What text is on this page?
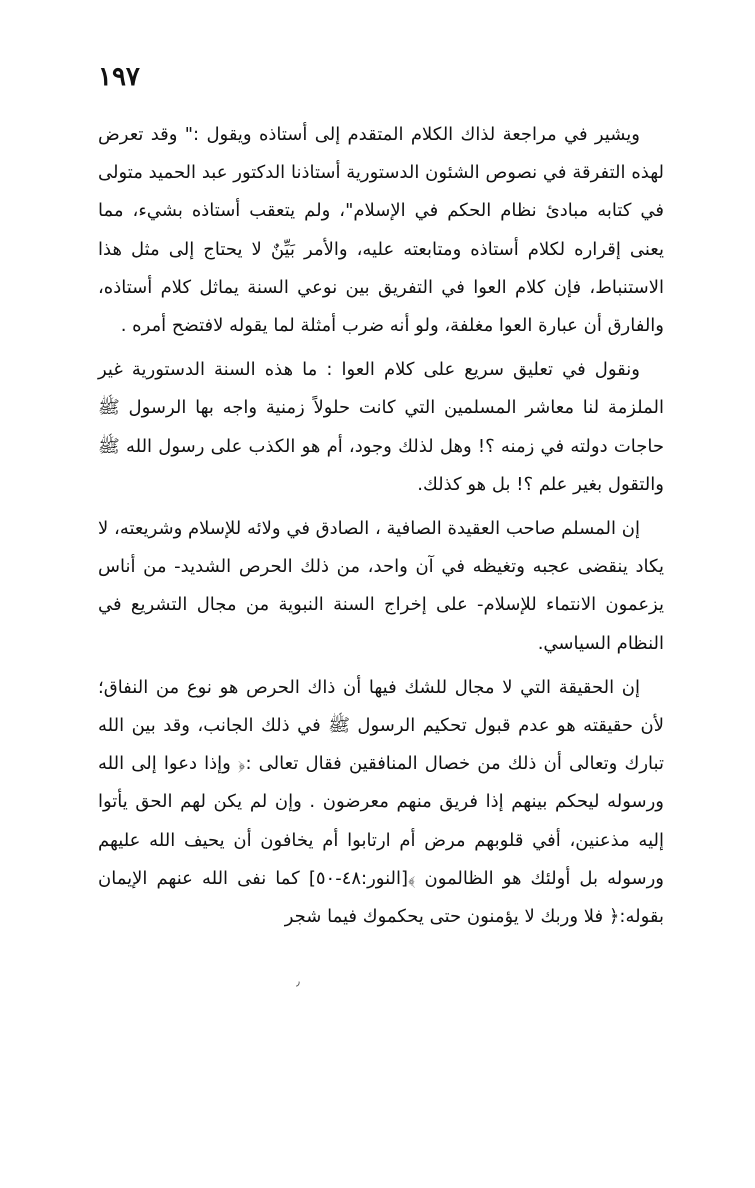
١٩٧

ويشير في مراجعة لذاك الكلام المتقدم إلى أستاذه ويقول :" وقد تعرض لهذه التفرقة في نصوص الشئون الدستورية أستاذنا الدكتور عبد الحميد متولى في كتابه مبادئ نظام الحكم في الإسلام"، ولم يتعقب أستاذه بشيء، مما يعنى إقراره لكلام أستاذه ومتابعته عليه، والأمر بَيِّنٌ لا يحتاج إلى مثل هذا الاستنباط، فإن كلام العوا في التفريق بين نوعي السنة يماثل كلام أستاذه، والفارق أن عبارة العوا مغلفة، ولو أنه ضرب أمثلة لما يقوله لافتضح أمره .

ونقول في تعليق سريع على كلام العوا : ما هذه السنة الدستورية غير الملزمة لنا معاشر المسلمين التي كانت حلولاً زمنية واجه بها الرسول ﷺ حاجات دولته في زمنه ؟! وهل لذلك وجود، أم هو الكذب على رسول الله ﷺ والتقول بغير علم ؟! بل هو كذلك.

إن المسلم صاحب العقيدة الصافية ، الصادق في ولائه للإسلام وشريعته، لا يكاد ينقضى عجبه وتغيظه في آن واحد، من ذلك الحرص الشديد- من أناس يزعمون الانتماء للإسلام- على إخراج السنة النبوية من مجال التشريع في النظام السياسي.

إن الحقيقة التي لا مجال للشك فيها أن ذاك الحرص هو نوع من النفاق؛ لأن حقيقته هو عدم قبول تحكيم الرسول ﷺ في ذلك الجانب، وقد بين الله تبارك وتعالى أن ذلك من خصال المنافقين فقال تعالى :﴿ وإذا دعوا إلى الله ورسوله ليحكم بينهم إذا فريق منهم معرضون . وإن لم يكن لهم الحق يأتوا إليه مذعنين، أفي قلوبهم مرض أم ارتابوا أم يخافون أن يحيف الله عليهم ورسوله بل أولئك هو الظالمون ﴾[النور:٤٨-٥٠] كما نفى الله عنهم الإيمان بقوله:﴿ فلا وربك لا يؤمنون حتى يحكموك فيما شجر

٫
